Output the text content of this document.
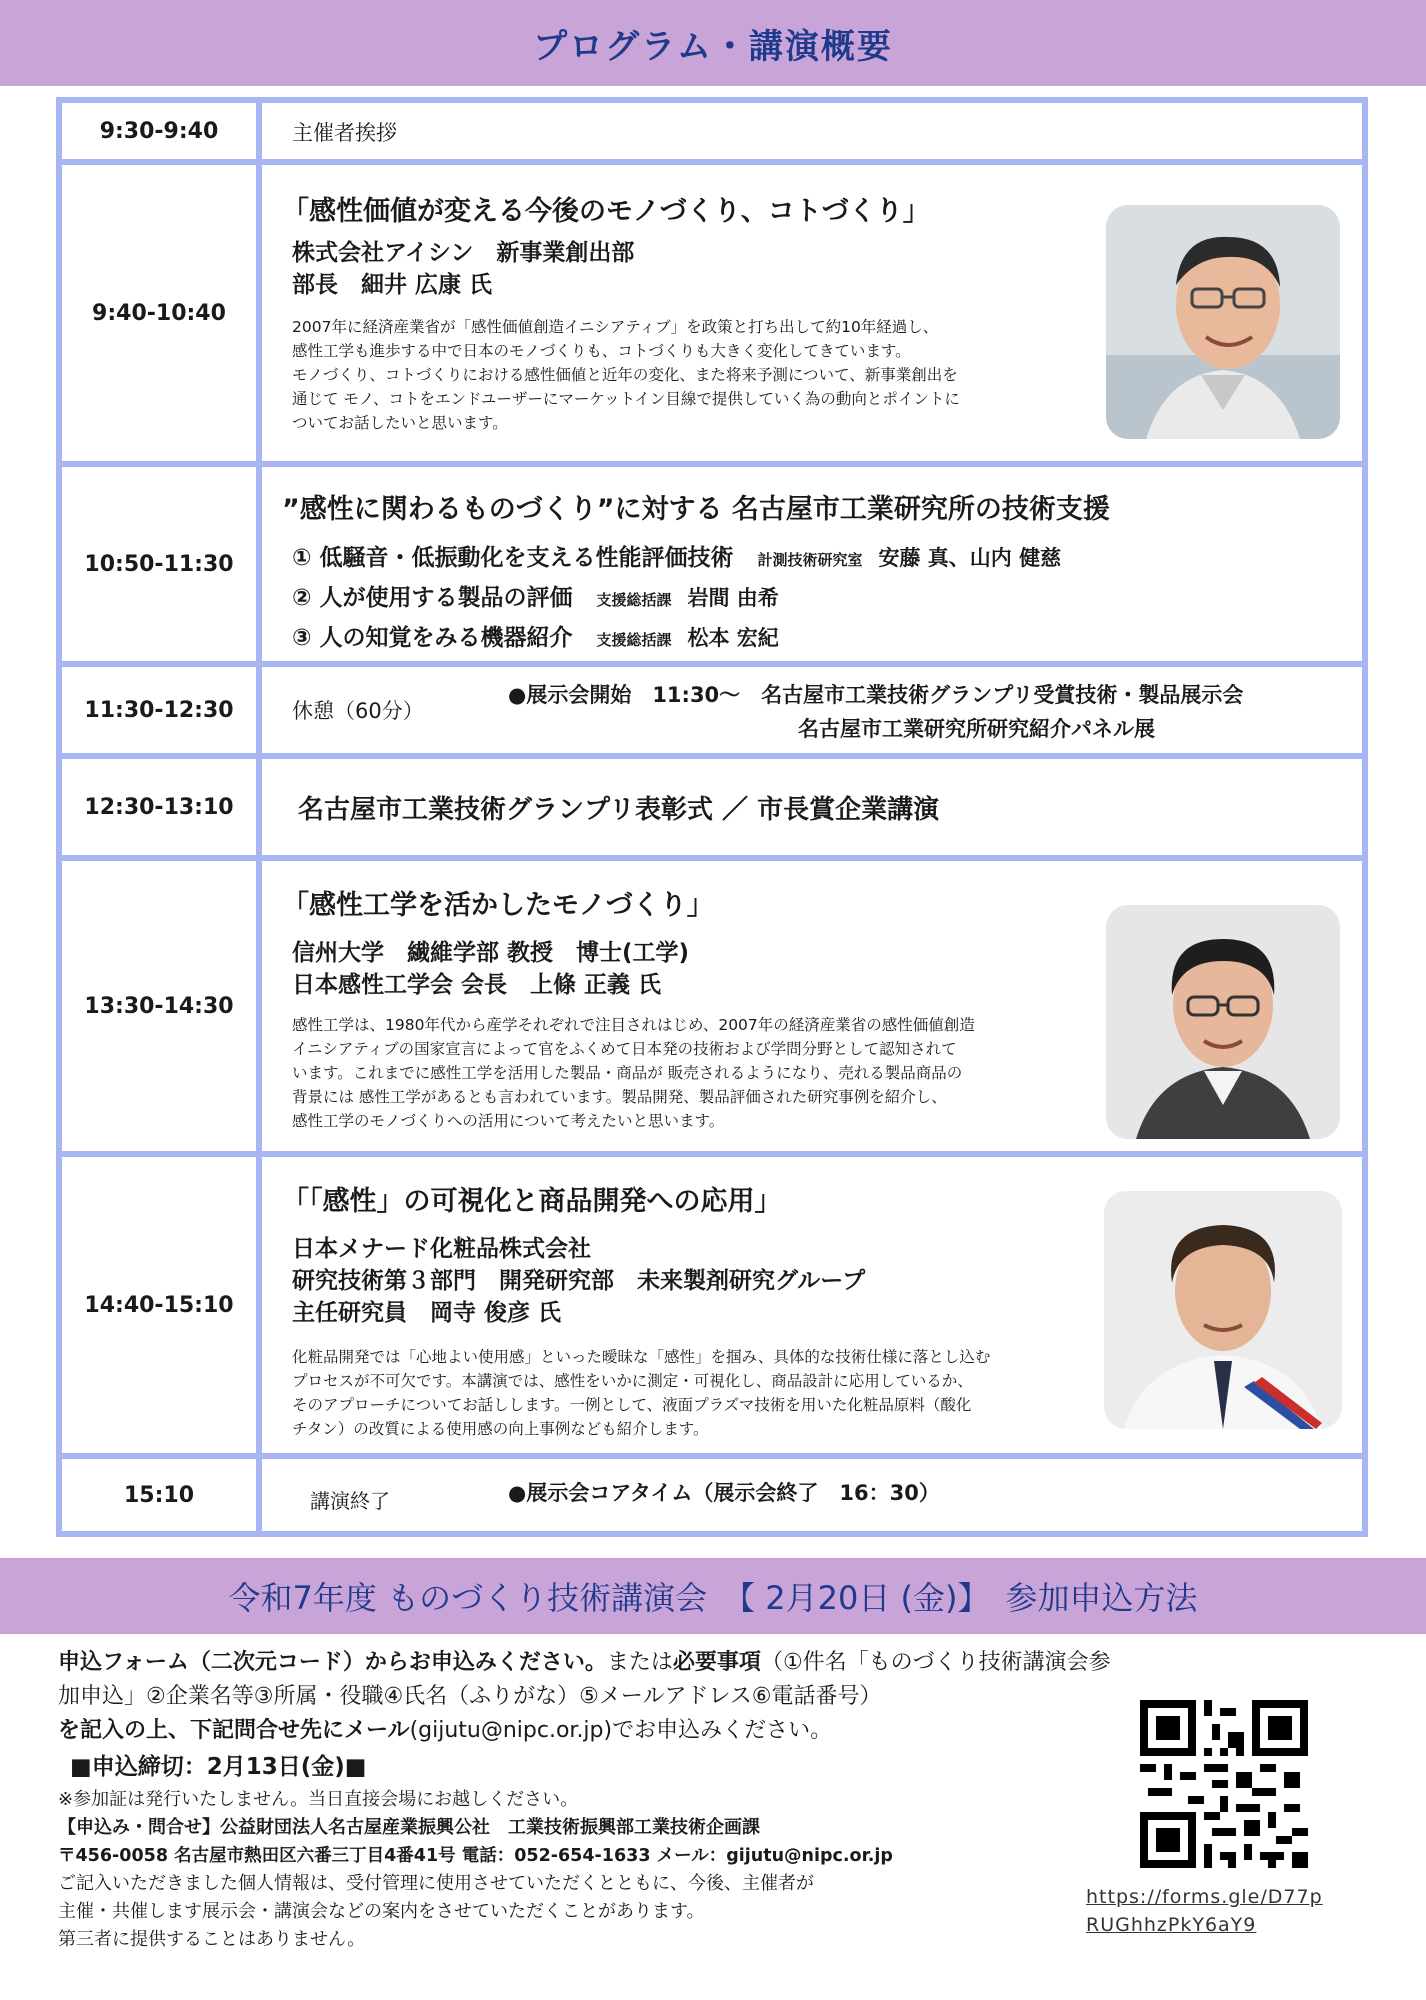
プログラム・講演概要
9:30-9:40	主催者挨拶
9:40-10:40
「感性価値が変える今後のモノづくり、コトづくり」
株式会社アイシン　新事業創出部
部長　細井 広康 氏
2007年に経済産業省が「感性価値創造イニシアティブ」を政策と打ち出して約10年経過し、
感性工学も進歩する中で日本のモノづくりも、コトづくりも大きく変化してきています。
モノづくり、コトづくりにおける感性価値と近年の変化、また将来予測について、新事業創出を
通じて モノ、コトをエンドユーザーにマーケットイン目線で提供していく為の動向とポイントに
ついてお話したいと思います。
10:50-11:30
”感性に関わるものづくり”に対する 名古屋市工業研究所の技術支援
① 低騒音・低振動化を支える性能評価技術 計測技術研究室 安藤 真、山内 健慈
② 人が使用する製品の評価 支援総括課 岩間 由希
③ 人の知覚をみる機器紹介 支援総括課 松本 宏紀
11:30-12:30	休憩（60分）
●展示会開始　11:30～　名古屋市工業技術グランプリ受賞技術・製品展示会
名古屋市工業研究所研究紹介パネル展
12:30-13:10	名古屋市工業技術グランプリ表彰式 ／ 市長賞企業講演
13:30-14:30
「感性工学を活かしたモノづくり」
信州大学　繊維学部 教授　博士(工学)
日本感性工学会 会長　上條 正義 氏
感性工学は、1980年代から産学それぞれで注目されはじめ、2007年の経済産業省の感性価値創造
イニシアティブの国家宣言によって官をふくめて日本発の技術および学問分野として認知されて
います。これまでに感性工学を活用した製品・商品が 販売されるようになり、売れる製品商品の
背景には 感性工学があるとも言われています。製品開発、製品評価された研究事例を紹介し、
感性工学のモノづくりへの活用について考えたいと思います。
14:40-15:10
「「感性」の可視化と商品開発への応用」
日本メナード化粧品株式会社
研究技術第３部門　開発研究部　未来製剤研究グループ
主任研究員　岡寺 俊彦 氏
化粧品開発では「心地よい使用感」といった曖昧な「感性」を掴み、具体的な技術仕様に落とし込む
プロセスが不可欠です。本講演では、感性をいかに測定・可視化し、商品設計に応用しているか、
そのアプローチについてお話しします。一例として、液面プラズマ技術を用いた化粧品原料（酸化
チタン）の改質による使用感の向上事例なども紹介します。
15:10	講演終了	●展示会コアタイム（展示会終了　16：30）
令和7年度 ものづくり技術講演会　【 2月20日 (金)】　参加申込方法
申込フォーム（二次元コード）からお申込みください。または必要事項（①件名「ものづくり技術講演会参
加申込」②企業名等③所属・役職④氏名（ふりがな）⑤メールアドレス⑥電話番号）
を記入の上、下記問合せ先にメール(gijutu@nipc.or.jp)でお申込みください。
■申込締切：2月13日(金)■
※参加証は発行いたしません。当日直接会場にお越しください。
【申込み・問合せ】公益財団法人名古屋産業振興公社　工業技術振興部工業技術企画課
〒456-0058 名古屋市熱田区六番三丁目4番41号 電話：052-654-1633 メール：gijutu@nipc.or.jp
ご記入いただきました個人情報は、受付管理に使用させていただくとともに、今後、主催者が
主催・共催します展示会・講演会などの案内をさせていただくことがあります。
第三者に提供することはありません。
https://forms.gle/D77p
RUGhhzPkY6aY9
